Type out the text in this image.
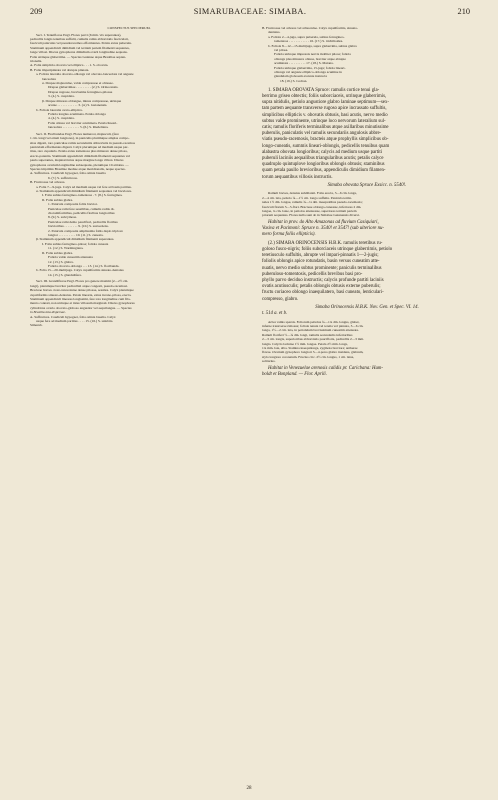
209	SIMARUBACEAE: SIMABA.	210
CONSPECTUS SPECIERUM.
Sect. I. Tenuiflorae Engl. Flores parvi (6 mm. vix superantes),
pedicellis longis tenuibus suffulti, cumulis ramis abbreviatis fasciculati,
fasciculi paniculas vel pseudoracemos efformantes. Petala extus puberula.
Staminum appendiculi dimidium vel tertiam partem filamenti sequantes,
longe villosi. Discus gynophorus dimidium ovarii longitudine aequans.
Folia utrinque glaberrima. — Species Guianae atque Brasiliae septen-
trionalis.
A. Folia simplicia obovata vel elliptica . . . 1. S. obovata.
B. Folia imparipinnata vel abrupte pinnata.
a. Foliola lateralia obovato-oblonga vel obovato-lanceolata vel anguste
lanceolata
α. Drupae majusculae, valde compressae et obtusae.
Drupae glaberrimae . . . . . . . . . (2.) S. Orinocensis.
Drupae rugosae, brevissime ferrugineo-pilosae
3. (4.) S. cuspidata.
β. Drupae minores oblongae, minus compressae, utrinque
acutae . . . . . . . . . . . . 3. (4.) S. Guianensis.
b. Foliola lateralia ovato-elliptica.
Foliola longius acuminata. Petala oblonga
4. (4.) S. cuspidata.
Folia obtusa vel breviter acuminata. Petala lineari-
lanceolata . . . . . . . . . . 5. (6.) S. Riedeliana.
Sect. II. Floribundae Engl. Flores numerosi, majusculi, (fere
1 cm. longi vel etiam longiores), in paniculis plurimique amplas compo-
sitas digesti, raro paniculae ramis secundariis abbreviatis in pseudo-racemos
paniculam efformantes digesti. Calyx plerumque ad medium usque par-
titus, raro cupularis. Petala extus tomentosa plus minusve dense pilosa,
erecto-patentia. Staminum appendiculi dimidium filamenti sequantes vel
paulo superantes, inspinati intus atque margine longe villosi. Discus
gynophorus ovarium longitudine subaequans, plerumque 10-striatus. —
Species imprimis Brasiliae mediae atque meridionalis, neque species.
A. Suffrutices. Caudiculi hypogaei, folia omnia basalia
6. (7.) S. suffruticosa.
B. Fruticosae vel arbores.
a. Folia 7—9-juga. Calyx ad medium usque vel fere ad basin partitus.
α. Staminum appendiculi dimidium filamenti sequantes vel breviores.
I. Folia subtus ferrugineo-tomentosa . 7. (8.) S. ferruginea.
II. Folia subtus glabra.
1. Panicula composita foliis brevior.
Paniculae rami fere sessilibus, cumulis radiis di-
chotomiformibus, pedicellis floribus longioribus
8. (9.) S. subcymosa.
Paniculae rami demo pauciflori, pedicellis floribus
brevioribus . . . . . . . . 9. (10.) S. suaveolens.
2. Panicula composita amplissima foliis duplo triplove
longior . . . . . . . . . . 10. (11.) S. cuneata.
β. Staminum appendiculi dimidium filamenti superantes.
I. Folia subtus ferrugineo-pilosa; foliola cuneata
11. (12.) S. Warmingiana.
II. Folia subtus glabra.
Foliola valde cuneatim attenuata
12. (13.) S. glabra.
Foliola obovato-oblonga . . . 13. (14.) S. floribunda.
b. Folia 15—20-multijuga. Calyx cupuliformis sinuato-dentatus
14. (15.) S. glandulifera.
Sect. III. Grandiflorae Engl. Flores pro genere maximi (2—2½ cm.
longi), plerumque breviter pedicellati atque congesti, pseudo-racemosi.
Bracteae breves ovato-lanceolatae dense pilosae, sessiles. Calyx plerumque
cupuliformis sinuato-dentatus. Petala linearia, extus incano-pilosa, erecta.
Staminum appendiculi lineares longissimi, fere tota longitudine cum fila-
mento connati, non utrinque et intus villosum marginati. Discus gynophorus
cylindricus ovario obovato-globoso angustior vel aequilongus. — Species
in Brasilia tota dispersae.
A. Suffrutices. Caudiculi hypogaei, folia omnia basalia. Calyx
usque fere ad medium partitus . . . . 15. (16.) S. salubris.
Simarub.
B. Fruticosae vel arbores vel arbusculae. Calyx cupuliformis, sinuato-
dentatus.
a. Foliola 2—4-juga, supra puberula, subtus ferrugineo-
tomentosa . . . . . . . . . . . . 16. (17.) S. trichilioides.
b. Foliola 8—12—15-multijuga, supra glaberrima, subtus glabra
vel pilosa.
Foliola utrinque impressis nervis molliter pilosa; foliola
oblonga plus minusve obtusa, breviter atque abrupte
acuminata . . . . . . . . . . 17. (18.) S. Maiana.
Foliola utrinque glaberrima, 15-juga; foliola lineari-
oblonga vel anguste elliptico-oblonga acumine in
glandulam globosam excunte instructa
18. (19.) S. Cedron.
1. SIMABA OBOVATA Spruce: ramulis cortice tenui gla-
berrimo griseo obtectis; foliis suborciaceis, utrinque glaberrimis,
supra nitidulis, petiolo angustiore glabro laminae septimum—sex-
tam partem aequante transverse rugoso apice incrassato suffultis,
simplicibus ellipticis v. obovatis obtusis, basi acutis, nervo medio
subtus valde prominente, utrinque loco nervorum lateralium sul-
catis; ramulis floriferis terminalibus atque axillaribus minutissime
puberulis, paniculatis vel ramulis secundariis angulosis abbre-
viatis pseudo-racemosis, bracteis atque prophyllis simplicibus ob-
longo-cuneatis, summis lineari-oblongis, pedicellis tenuibus quam
alabastra obovata longioribus; calycis ad medium usque partiti
puberuli laciniis aequalibus triangularibus acutis; petalis calyce
quadruplo quintuplove longioribus oblongis obtusis; staminibus
quam petala paullo brevioribus, appendiculis dimidium filamen-
torum aequantibus villosis instructis.
Simaba obovata Spruce Exsicc. n. 5540!.
Ramuli breves, densius subdilatati. Folia erecta, 3—6 cm. longa,
2—4 cm. lata, petiolo ¾—1½ cm. longo suffulta. Panicula termi-
nales 1½ dm. longae, ramulis ¾—⅛ dm. inaequalibus pseudo-racemosis;
fasciculi florum 3—5-flori. Bracteae oblongo-cuneatae, inferiores 2 dm.
longae, ¼ cm. latae, in petiolos attenuatae, superiores tertiam partem
priorum aequantes. Flores nulla sunt ab in Simabae Guianensis diversi.
Habitat in prov. do Alto Amazonas ad fluvium Casiquiari,
Vasiva et Pacimoni: Spruce n. 3540! et 3547! (sub ulteriore nu-
mero forma foliis ellipticis).
(2.) SIMABA ORINOCENSIS H.B.K. ramulis teretibus ru-
goloso fusco-nigris; foliis suborciaceis utrinque glaberrimis, petiolo
teretiusculo suffultis, abrupte vel impari-pinnatis 1—2-jugis;
foliolis oblongis apice rotundatis, basin versus cuneatim atte-
nuatis, nervo medio subtus prominente; paniculis terminalibus
puberuloso-tomentosis, pedicellis brevibus basi pro-
phyllo parvo deciduo instructis; calycis profunde partiti laciniis
ovatis acutiusculis; petalis oblongis obtusis externe puberulis;
fructu coriaceo oblongo inaequilatero, basi cuneato, lenticulari-
compresso, glabro.
Simaba Orinocensis H.B.K. Nov. Gen. et Spec. VI. 14.
t. 514 a. et b.
Arbor ramis sparsis. Foliorum petiolus ¾—1¼ dm. longus, glaber,
inferne transverse rimosus; foliola tenuia vel teretia vel pinnata, 3—6 cm.
longa, 1½—2 cm. lata, in petiolulum brevissimum cuneatim attenuata.
Ramuli floriferi ½—¾ dm. longi, ramulis secundariis inferioribus
2—3 cm. longis, superioribus abbreviatis paucifloris, pedicellis 2—3 mm.
longis. Calycis laciniae 1½ mm. longae. Petala 2½ mm. longa,
1¼ mm. lata, alba. Stamina inaequilonga, zygmoia breviora; antherae
flavae. Ovarium gynophoro longiori 3—4-pono glabro insidens, glabrum,
stylo longiore coronatum. Fructus circ. 2½ cm. longus, 1 cm. latus,
solitarius.
Habitat in Venezuelae arenosis calidis pr. Caricbana: Hum-
boldt et Bonpland. — Flor. Aprili.
28
